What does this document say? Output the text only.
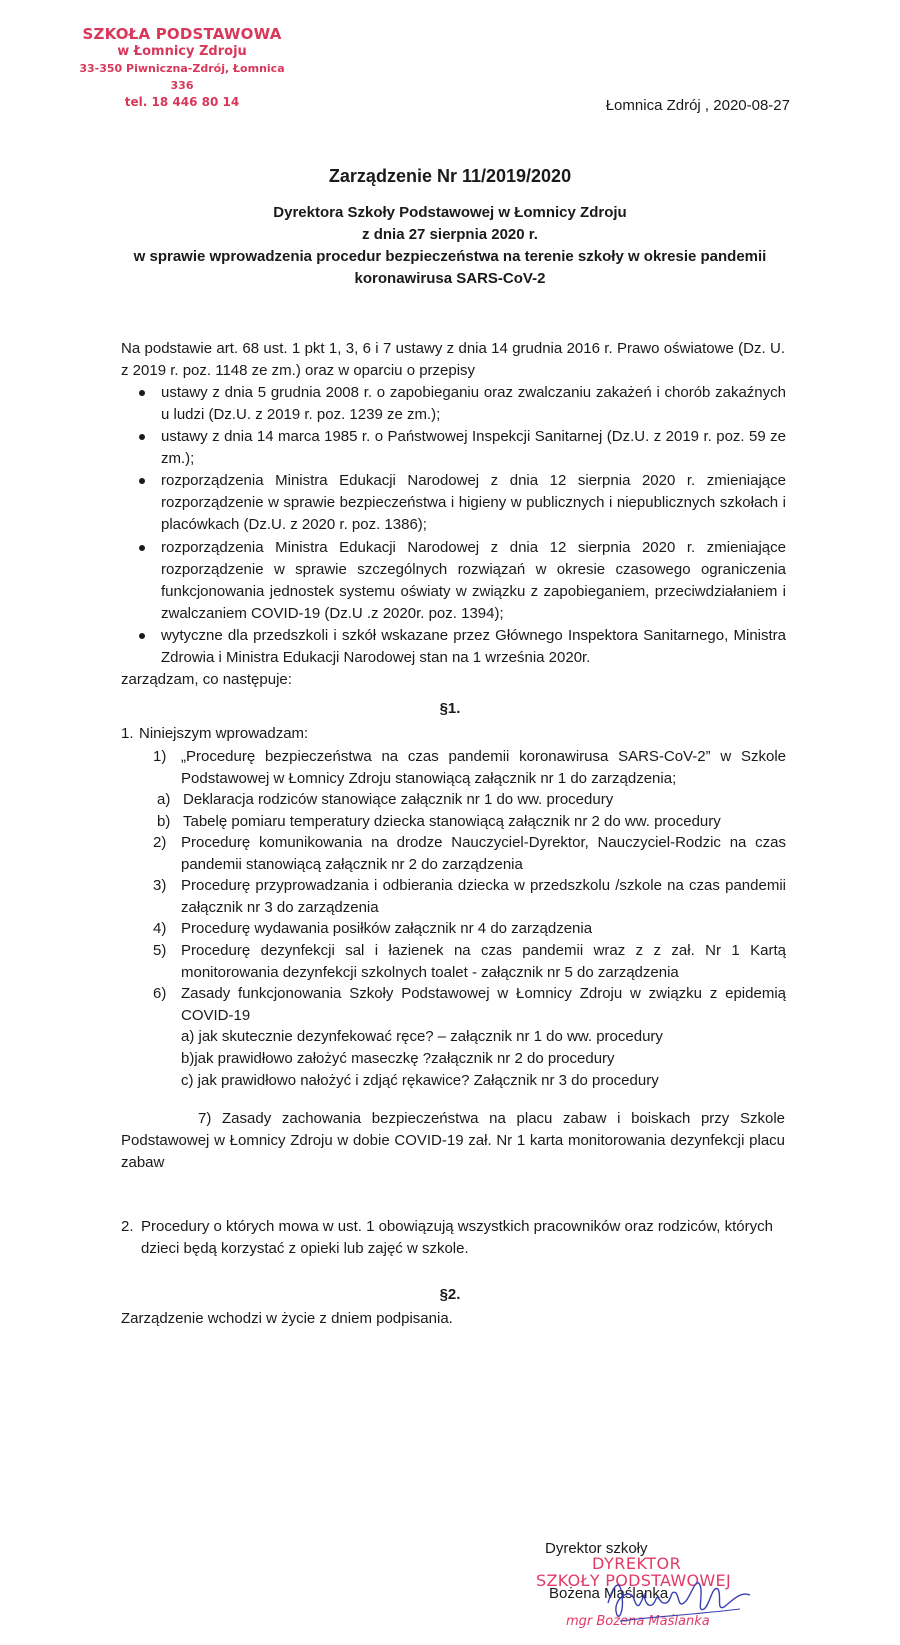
SZKOŁA PODSTAWOWA
w Łomnicy Zdroju
33-350 Piwniczna-Zdrój, Łomnica 336
tel. 18 446 80 14	Łomnica Zdrój , 2020-08-27
Zarządzenie Nr 11/2019/2020
Dyrektora Szkoły Podstawowej w Łomnicy Zdroju
z dnia 27 sierpnia 2020 r.
w sprawie wprowadzenia procedur bezpieczeństwa na terenie szkoły w okresie pandemii
koronawirusa SARS-CoV-2
Na podstawie art. 68 ust. 1 pkt 1, 3, 6 i 7 ustawy z dnia 14 grudnia 2016 r. Prawo oświatowe (Dz. U. z 2019 r. poz. 1148 ze zm.) oraz w oparciu o przepisy
ustawy z dnia 5 grudnia 2008 r. o zapobieganiu oraz zwalczaniu zakażeń i chorób zakaźnych u ludzi (Dz.U. z 2019 r. poz. 1239 ze zm.);
ustawy z dnia 14 marca 1985 r. o Państwowej Inspekcji Sanitarnej (Dz.U. z 2019 r. poz. 59 ze zm.);
rozporządzenia Ministra Edukacji Narodowej z dnia 12 sierpnia 2020 r. zmieniające rozporządzenie w sprawie bezpieczeństwa i higieny w publicznych i niepublicznych szkołach i placówkach (Dz.U. z 2020 r. poz. 1386);
rozporządzenia Ministra Edukacji Narodowej z dnia 12 sierpnia 2020 r. zmieniające rozporządzenie w sprawie szczególnych rozwiązań w okresie czasowego ograniczenia funkcjonowania jednostek systemu oświaty w związku z zapobieganiem, przeciwdziałaniem i zwalczaniem COVID-19 (Dz.U .z 2020r. poz. 1394);
wytyczne dla przedszkoli i szkół wskazane przez Głównego Inspektora Sanitarnego, Ministra Zdrowia i Ministra Edukacji Narodowej stan na 1 września 2020r.
zarządzam, co następuje:
§1.
1. Niniejszym wprowadzam:
1) „Procedurę bezpieczeństwa na czas pandemii koronawirusa SARS-CoV-2” w Szkole Podstawowej w Łomnicy Zdroju stanowiącą załącznik nr 1 do zarządzenia;
a) Deklaracja rodziców stanowiące załącznik nr 1 do ww. procedury
b) Tabelę pomiaru temperatury dziecka stanowiącą załącznik nr 2 do ww. procedury
2) Procedurę komunikowania na drodze Nauczyciel-Dyrektor, Nauczyciel-Rodzic na czas pandemii stanowiącą załącznik nr 2 do zarządzenia
3) Procedurę przyprowadzania i odbierania dziecka w przedszkolu /szkole na czas pandemii załącznik nr 3 do zarządzenia
4) Procedurę wydawania posiłków załącznik nr 4 do zarządzenia
5) Procedurę dezynfekcji sal i łazienek na czas pandemii wraz z z zał. Nr 1 Kartą monitorowania dezynfekcji szkolnych toalet - załącznik nr 5 do zarządzenia
6) Zasady funkcjonowania Szkoły Podstawowej w Łomnicy Zdroju w związku z epidemią COVID-19
a) jak skutecznie dezynfekować ręce? – załącznik nr 1 do ww. procedury
b)jak prawidłowo założyć maseczkę ?załącznik nr 2 do procedury
c) jak prawidłowo nałożyć i zdjąć rękawice? Załącznik nr 3 do procedury
7) Zasady zachowania bezpieczeństwa na placu zabaw i boiskach przy Szkole Podstawowej w Łomnicy Zdroju w dobie COVID-19 zał. Nr 1 karta monitorowania dezynfekcji placu zabaw
2. Procedury o których mowa w ust. 1 obowiązują wszystkich pracowników oraz rodziców, których dzieci będą korzystać z opieki lub zajęć w szkole.
§2.
Zarządzenie wchodzi w życie z dniem podpisania.
Dyrektor szkoły
DYREKTOR
SZKOŁY PODSTAWOWEJ
Bożena Maślanka
mgr Bożena Maślanka
